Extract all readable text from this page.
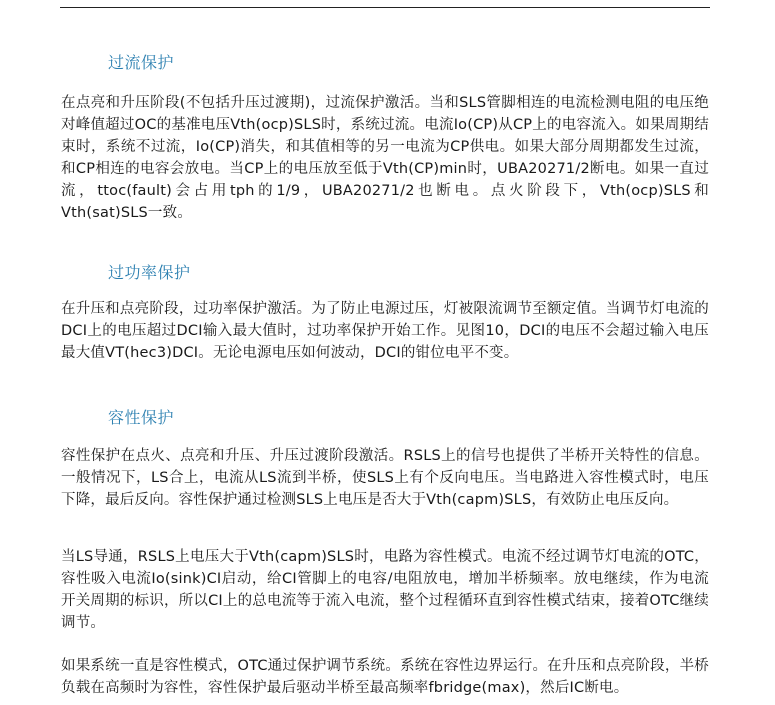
过流保护

在点亮和升压阶段(不包括升压过渡期)，过流保护激活。当和SLS管脚相连的电流检测电阻的电压绝对峰值超过OC的基准电压Vth(ocp)SLS时，系统过流。电流Io(CP)从CP上的电容流入。如果周期结束时，系统不过流，Io(CP)消失，和其值相等的另一电流为CP供电。如果大部分周期都发生过流，和CP相连的电容会放电。当CP上的电压放至低于Vth(CP)min时，UBA20271/2断电。如果一直过流，ttoc(fault)会占用tph的1/9，UBA20271/2也断电。点火阶段下，Vth(ocp)SLS和Vth(sat)SLS一致。

过功率保护

在升压和点亮阶段，过功率保护激活。为了防止电源过压，灯被限流调节至额定值。当调节灯电流的DCI上的电压超过DCI输入最大值时，过功率保护开始工作。见图10，DCI的电压不会超过输入电压最大值VT(hec3)DCI。无论电源电压如何波动，DCI的钳位电平不变。

容性保护

容性保护在点火、点亮和升压、升压过渡阶段激活。RSLS上的信号也提供了半桥开关特性的信息。一般情况下，LS合上，电流从LS流到半桥，使SLS上有个反向电压。当电路进入容性模式时，电压下降，最后反向。容性保护通过检测SLS上电压是否大于Vth(capm)SLS，有效防止电压反向。

当LS导通，RSLS上电压大于Vth(capm)SLS时，电路为容性模式。电流不经过调节灯电流的OTC，容性吸入电流Io(sink)CI启动，给CI管脚上的电容/电阻放电，增加半桥频率。放电继续，作为电流开关周期的标识，所以CI上的总电流等于流入电流，整个过程循环直到容性模式结束，接着OTC继续调节。

如果系统一直是容性模式，OTC通过保护调节系统。系统在容性边界运行。在升压和点亮阶段，半桥负载在高频时为容性，容性保护最后驱动半桥至最高频率fbridge(max)，然后IC断电。
